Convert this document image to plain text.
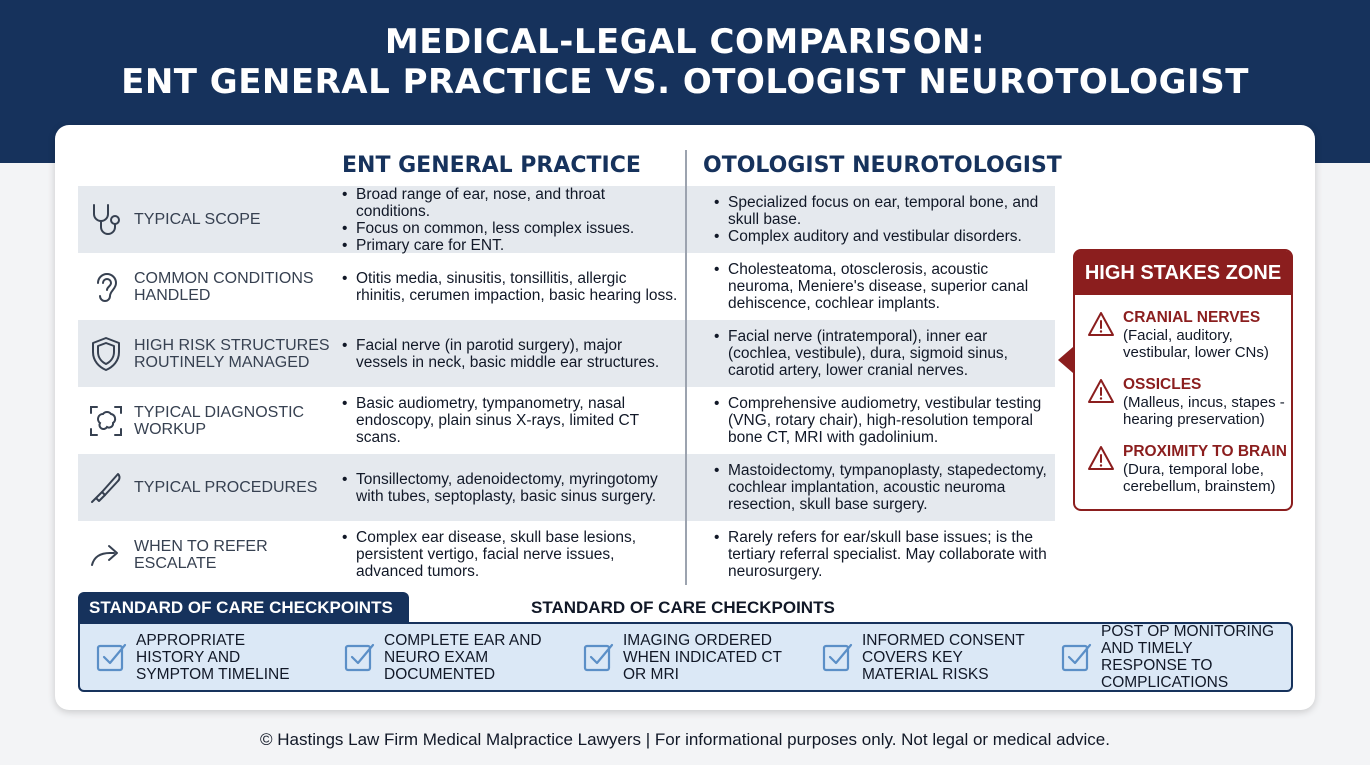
MEDICAL-LEGAL COMPARISON:
ENT GENERAL PRACTICE VS. OTOLOGIST NEUROTOLOGIST
ENT GENERAL PRACTICE	OTOLOGIST NEUROTOLOGIST
TYPICAL SCOPE
• Broad range of ear, nose, and throat conditions.
• Focus on common, less complex issues.
• Primary care for ENT.
• Specialized focus on ear, temporal bone, and skull base.
• Complex auditory and vestibular disorders.
COMMON CONDITIONS HANDLED
• Otitis media, sinusitis, tonsillitis, allergic rhinitis, cerumen impaction, basic hearing loss.
• Cholesteatoma, otosclerosis, acoustic neuroma, Meniere's disease, superior canal dehiscence, cochlear implants.
HIGH RISK STRUCTURES ROUTINELY MANAGED
• Facial nerve (in parotid surgery), major vessels in neck, basic middle ear structures.
• Facial nerve (intratemporal), inner ear (cochlea, vestibule), dura, sigmoid sinus, carotid artery, lower cranial nerves.
TYPICAL DIAGNOSTIC WORKUP
• Basic audiometry, tympanometry, nasal endoscopy, plain sinus X-rays, limited CT scans.
• Comprehensive audiometry, vestibular testing (VNG, rotary chair), high-resolution temporal bone CT, MRI with gadolinium.
TYPICAL PROCEDURES
•	Tonsillectomy, adenoidectomy, myringotomy with tubes, septoplasty, basic sinus surgery.
• Mastoidectomy, tympanoplasty, stapedectomy, cochlear implantation, acoustic neuroma resection, skull base surgery.
WHEN TO REFER ESCALATE
• Complex ear disease, skull base lesions, persistent vertigo, facial nerve issues, advanced tumors.
• Rarely refers for ear/skull base issues; is the tertiary referral specialist. May collaborate with neurosurgery.
HIGH STAKES ZONE
CRANIAL NERVES
(Facial, auditory, vestibular, lower CNs)
OSSICLES
(Malleus, incus, stapes - hearing preservation)
PROXIMITY TO BRAIN
(Dura, temporal lobe, cerebellum, brainstem)
STANDARD OF CARE CHECKPOINTS	STANDARD OF CARE CHECKPOINTS
APPROPRIATE HISTORY AND SYMPTOM TIMELINE
COMPLETE EAR AND NEURO EXAM DOCUMENTED
IMAGING ORDERED WHEN INDICATED CT OR MRI
INFORMED CONSENT COVERS KEY MATERIAL RISKS
POST OP MONITORING AND TIMELY RESPONSE TO COMPLICATIONS
© Hastings Law Firm Medical Malpractice Lawyers | For informational purposes only. Not legal or medical advice.
